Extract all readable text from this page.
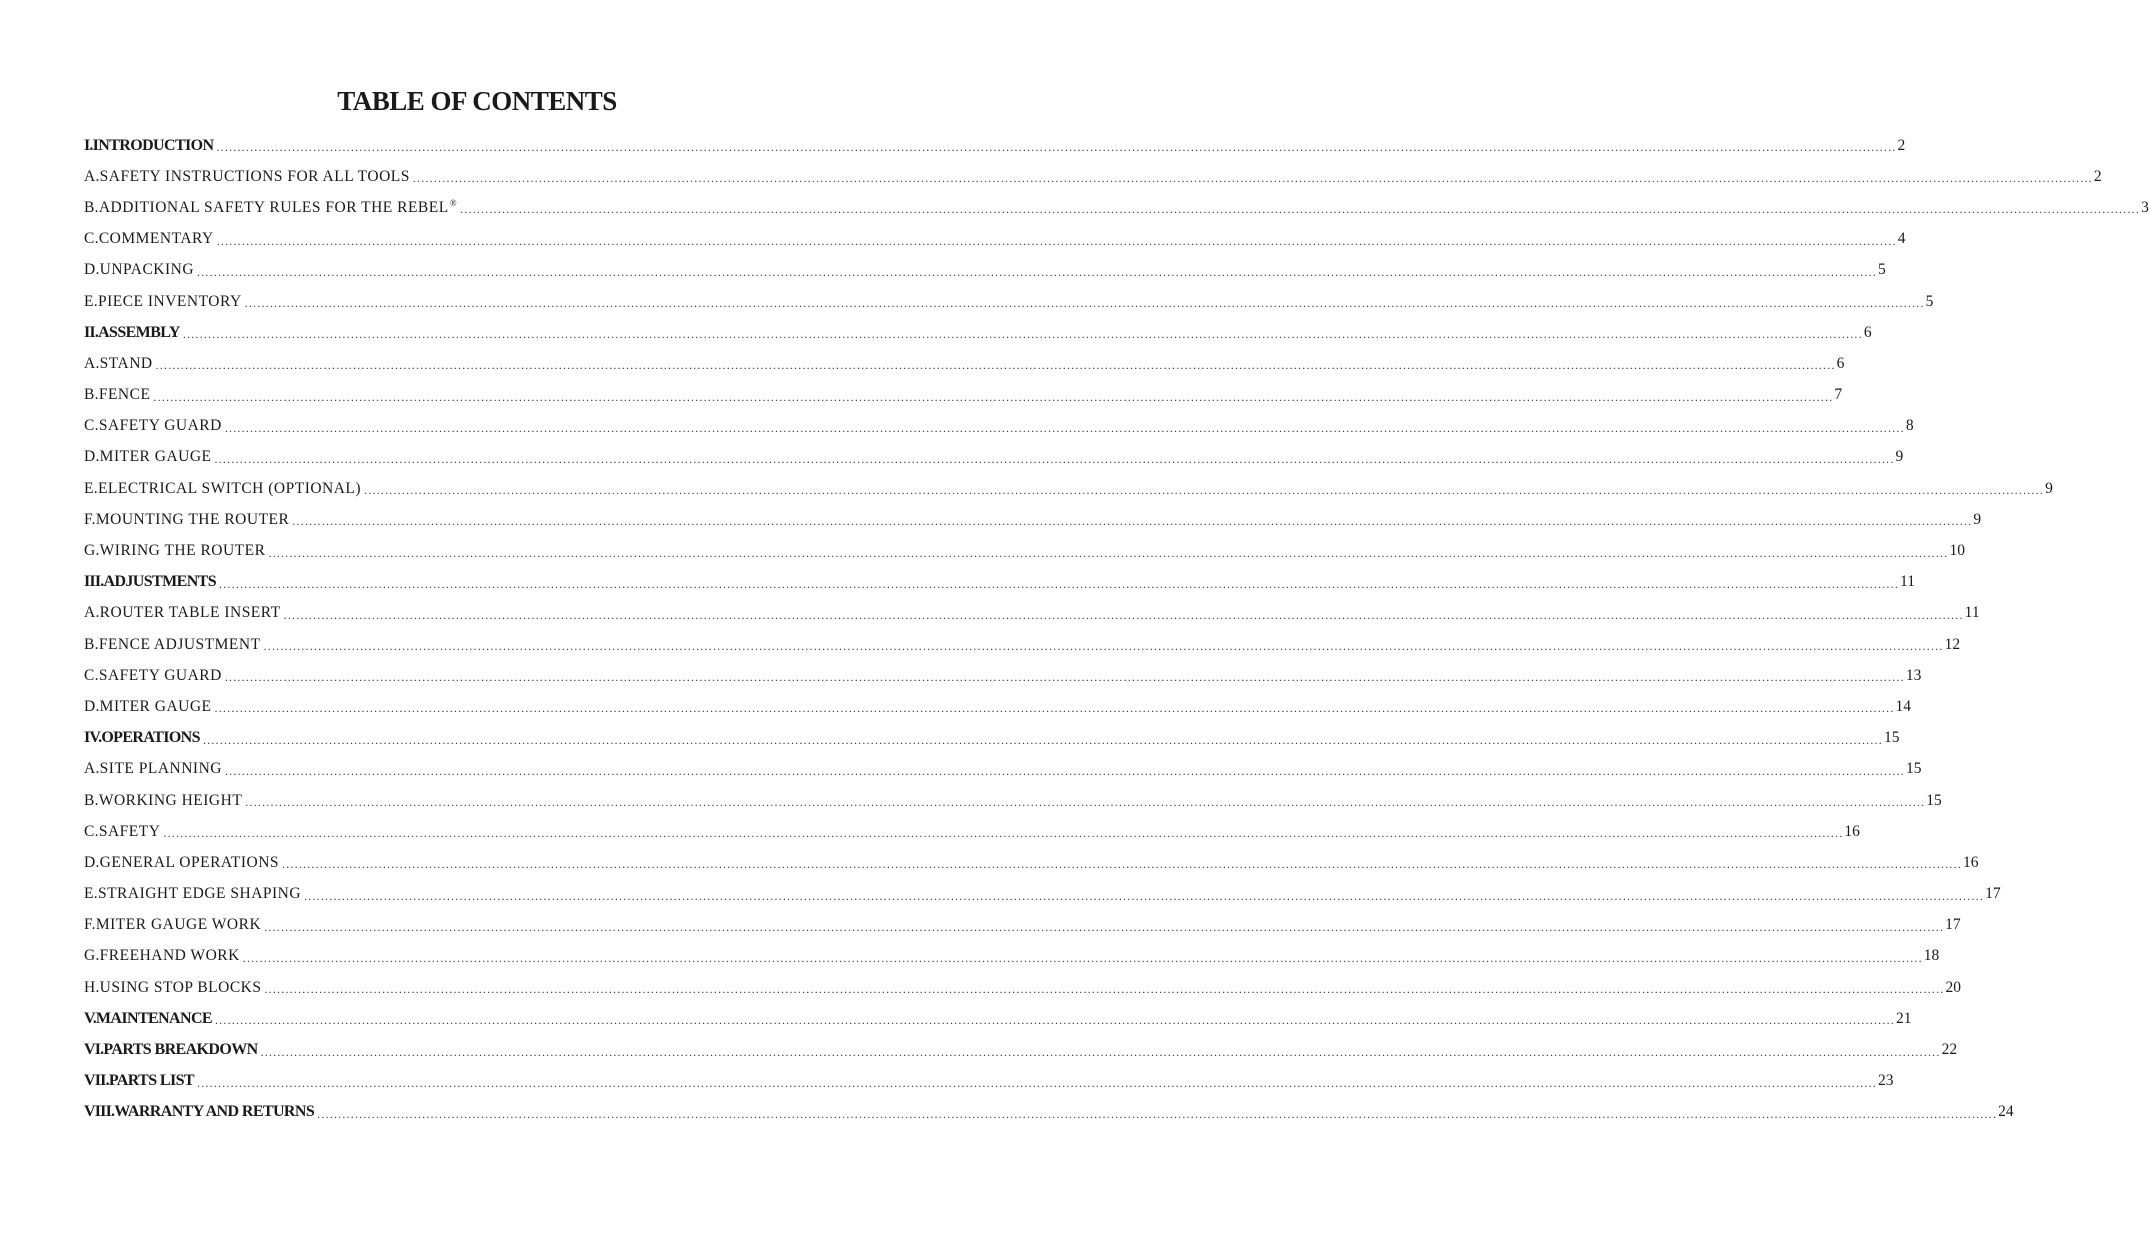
TABLE OF CONTENTS
I. INTRODUCTION ................................................................................................................................................................................................................................................................................................................................................................................................................ 2
A. SAFETY INSTRUCTIONS FOR ALL TOOLS ................................................................................................................................................................................................................................................................................................................................................................................................................ 2
B. ADDITIONAL SAFETY RULES FOR THE REBEL® ................................................................................................................................................................................................................................................................................................................................................................................................................ 3
C. COMMENTARY ................................................................................................................................................................................................................................................................................................................................................................................................................ 4
D. UNPACKING ................................................................................................................................................................................................................................................................................................................................................................................................................ 5
E. PIECE INVENTORY ................................................................................................................................................................................................................................................................................................................................................................................................................ 5
II. ASSEMBLY ................................................................................................................................................................................................................................................................................................................................................................................................................ 6
A. STAND ................................................................................................................................................................................................................................................................................................................................................................................................................ 6
B. FENCE ................................................................................................................................................................................................................................................................................................................................................................................................................ 7
C. SAFETY GUARD ................................................................................................................................................................................................................................................................................................................................................................................................................ 8
D. MITER GAUGE ................................................................................................................................................................................................................................................................................................................................................................................................................ 9
E. ELECTRICAL SWITCH (OPTIONAL) ................................................................................................................................................................................................................................................................................................................................................................................................................ 9
F. MOUNTING THE ROUTER ................................................................................................................................................................................................................................................................................................................................................................................................................ 9
G. WIRING THE ROUTER ................................................................................................................................................................................................................................................................................................................................................................................................................ 10
III. ADJUSTMENTS ................................................................................................................................................................................................................................................................................................................................................................................................................ 11
A. ROUTER TABLE INSERT ................................................................................................................................................................................................................................................................................................................................................................................................................ 11
B. FENCE ADJUSTMENT ................................................................................................................................................................................................................................................................................................................................................................................................................ 12
C. SAFETY GUARD ................................................................................................................................................................................................................................................................................................................................................................................................................ 13
D. MITER GAUGE ................................................................................................................................................................................................................................................................................................................................................................................................................ 14
IV. OPERATIONS ................................................................................................................................................................................................................................................................................................................................................................................................................ 15
A. SITE PLANNING ................................................................................................................................................................................................................................................................................................................................................................................................................ 15
B. WORKING HEIGHT ................................................................................................................................................................................................................................................................................................................................................................................................................ 15
C. SAFETY ................................................................................................................................................................................................................................................................................................................................................................................................................ 16
D. GENERAL OPERATIONS ................................................................................................................................................................................................................................................................................................................................................................................................................ 16
E. STRAIGHT EDGE SHAPING ................................................................................................................................................................................................................................................................................................................................................................................................................ 17
F. MITER GAUGE WORK ................................................................................................................................................................................................................................................................................................................................................................................................................ 17
G. FREEHAND WORK ................................................................................................................................................................................................................................................................................................................................................................................................................ 18
H. USING STOP BLOCKS ................................................................................................................................................................................................................................................................................................................................................................................................................ 20
V. MAINTENANCE ................................................................................................................................................................................................................................................................................................................................................................................................................ 21
VI. PARTS BREAKDOWN ................................................................................................................................................................................................................................................................................................................................................................................................................ 22
VII. PARTS LIST ................................................................................................................................................................................................................................................................................................................................................................................................................ 23
VIII. WARRANTY AND RETURNS ................................................................................................................................................................................................................................................................................................................................................................................................................ 24
